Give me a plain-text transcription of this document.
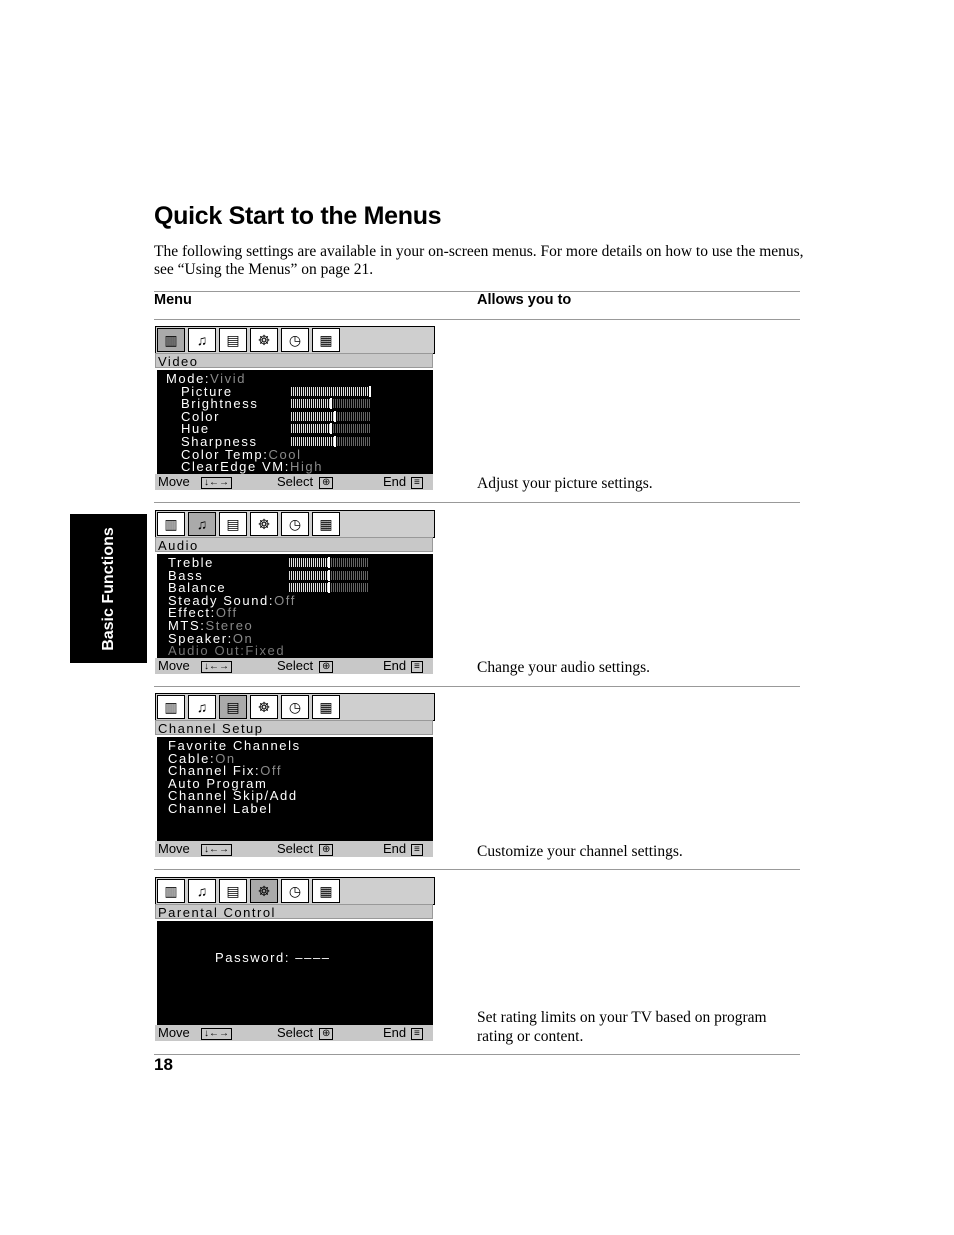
Basic Functions
Quick Start to the Menus
The following settings are available in your on-screen menus. For more details on how to use the menus, see “Using the Menus” on page 21.
Menu	Allows you to
▥	♫	▤	☸	◷	▦
Video
Mode:Vivid
Picture
Brightness
Color
Hue
Sharpness
Color Temp:Cool
ClearEdge VM:High
Move	Select	End
↓←→	⊕	≡	Adjust your picture settings.
▥	♫	▤	☸	◷	▦
Audio
Treble
Bass
Balance
Steady Sound:Off
Effect:Off
MTS:Stereo
Speaker:On
Audio Out:Fixed
Move	Select	End
↓←→	⊕	≡	Change your audio settings.
▥	♫	▤	☸	◷	▦
Channel Setup
Favorite Channels
Cable:On
Channel Fix:Off
Auto Program
Channel Skip/Add
Channel Label
Move	Select	End
↓←→	⊕	≡	Customize your channel settings.
▥	♫	▤	☸	◷	▦
Parental Control
Password: ––––
Move	Select	End
↓←→	⊕	≡
Set rating limits on your TV based on program rating or content.
18
